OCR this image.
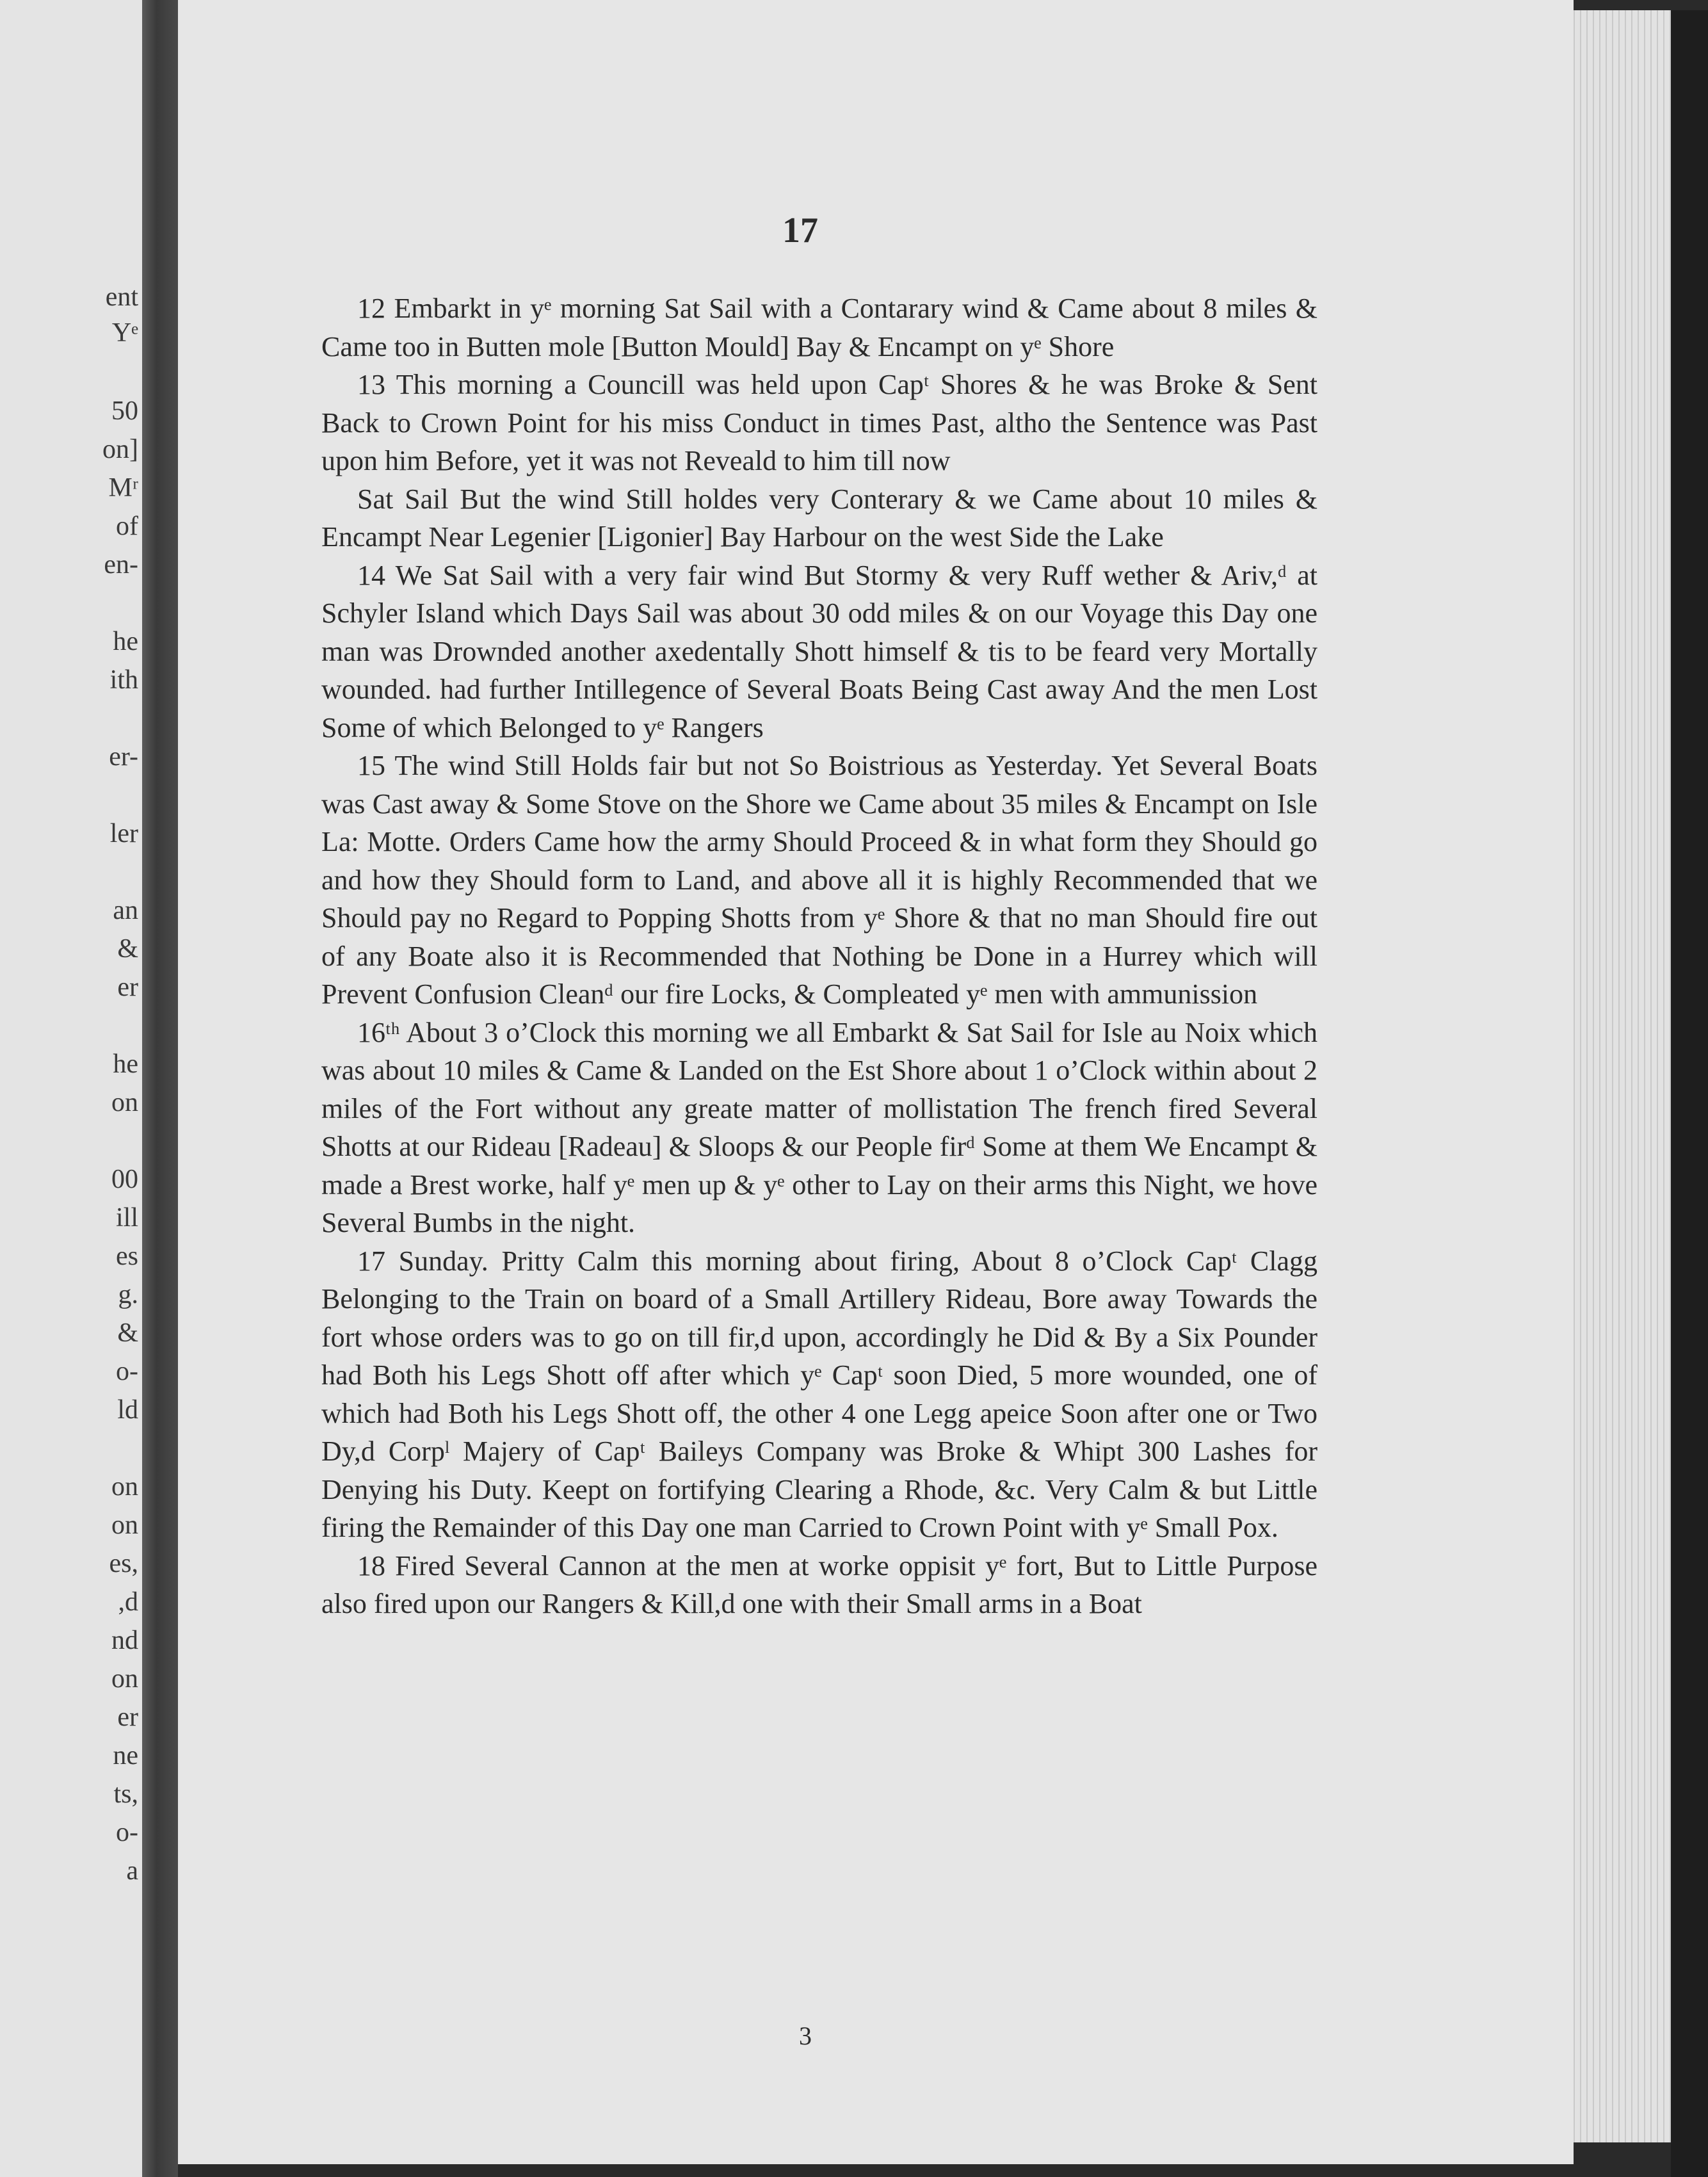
ent
Yᵉ
50
on]
Mʳ
of
en-
he
ith
er-
ler
an
&
er
he
on
00
ill
es
g.
&
o-
ld
on
on
es,
,d
nd
on
er
ne
ts,
o-
a
17

12 Embarkt in yᵉ morning Sat Sail with a Contarary wind & Came about 8 miles & Came too in Butten mole [Button Mould] Bay & Encampt on yᵉ Shore

13 This morning a Councill was held upon Capᵗ Shores & he was Broke & Sent Back to Crown Point for his miss Conduct in times Past, altho the Sentence was Past upon him Before, yet it was not Reveald to him till now

Sat Sail But the wind Still holdes very Conterary & we Came about 10 miles & Encampt Near Legenier [Ligonier] Bay Harbour on the west Side the Lake

14 We Sat Sail with a very fair wind But Stormy & very Ruff wether & Ariv,ᵈ at Schyler Island which Days Sail was about 30 odd miles & on our Voyage this Day one man was Drownded another axedentally Shott himself & tis to be feard very Mortally wounded. had further Intillegence of Several Boats Being Cast away And the men Lost Some of which Belonged to yᵉ Rangers

15 The wind Still Holds fair but not So Boistrious as Yesterday. Yet Several Boats was Cast away & Some Stove on the Shore we Came about 35 miles & Encampt on Isle La: Motte. Orders Came how the army Should Proceed & in what form they Should go and how they Should form to Land, and above all it is highly Recommended that we Should pay no Regard to Popping Shotts from yᵉ Shore & that no man Should fire out of any Boate also it is Recommended that Nothing be Done in a Hurrey which will Prevent Confusion Cleanᵈ our fire Locks, & Compleated yᵉ men with ammunission

16ᵗʰ About 3 o’Clock this morning we all Embarkt & Sat Sail for Isle au Noix which was about 10 miles & Came & Landed on the Est Shore about 1 o’Clock within about 2 miles of the Fort without any greate matter of mollistation The french fired Several Shotts at our Rideau [Radeau] & Sloops & our People firᵈ Some at them We Encampt & made a Brest worke, half yᵉ men up & yᵉ other to Lay on their arms this Night, we hove Several Bumbs in the night.

17 Sunday. Pritty Calm this morning about firing, About 8 o’Clock Capᵗ Clagg Belonging to the Train on board of a Small Artillery Rideau, Bore away Towards the fort whose orders was to go on till fir,d upon, accordingly he Did & By a Six Pounder had Both his Legs Shott off after which yᵉ Capᵗ soon Died, 5 more wounded, one of which had Both his Legs Shott off, the other 4 one Legg apeice Soon after one or Two Dy,d Corpˡ Majery of Capᵗ Baileys Company was Broke & Whipt 300 Lashes for Denying his Duty. Keept on fortifying Clearing a Rhode, &c. Very Calm & but Little firing the Remainder of this Day one man Carried to Crown Point with yᵉ Small Pox.

18 Fired Several Cannon at the men at worke oppisit yᵉ fort, But to Little Purpose also fired upon our Rangers & Kill,d one with their Small arms in a Boat

3
